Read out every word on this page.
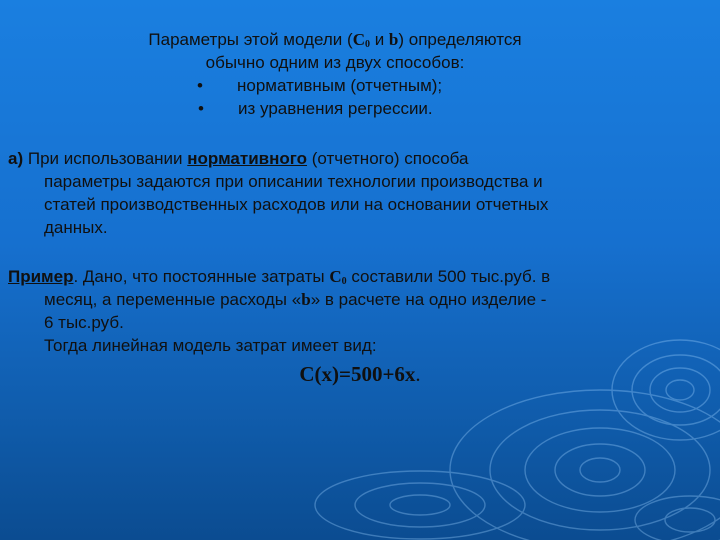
Параметры этой модели ($C_0$ и b) определяются
обычно одним из двух способов:
• нормативным (отчетным);
• из уравнения регрессии.
а) При использовании нормативного (отчетного) способа
параметры задаются при описании технологии производства и
статей производственных расходов или на основании отчетных
данных.
Пример. Дано, что постоянные затраты $C_0$ составили 500 тыс.руб. в
месяц, а переменные расходы «b» в расчете на одно изделие -
6 тыс.руб.
Тогда линейная модель затрат имеет вид:
C(x)=500+6x.
